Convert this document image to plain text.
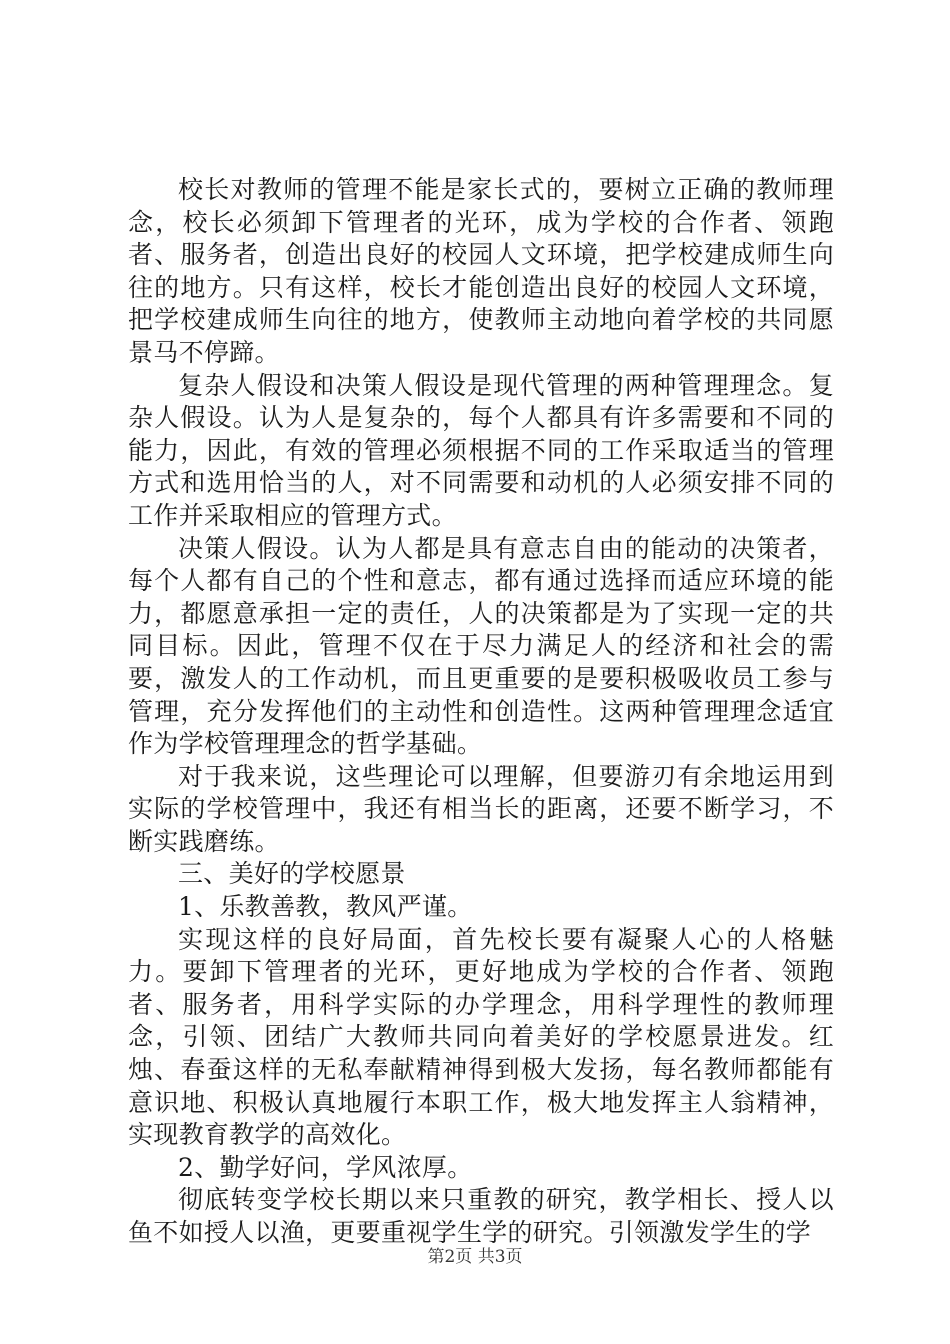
校长对教师的管理不能是家长式的，要树立正确的教师理念，校长必须卸下管理者的光环，成为学校的合作者、领跑者、服务者，创造出良好的校园人文环境，把学校建成师生向往的地方。只有这样，校长才能创造出良好的校园人文环境，把学校建成师生向往的地方，使教师主动地向着学校的共同愿景马不停蹄。

复杂人假设和决策人假设是现代管理的两种管理理念。复杂人假设。认为人是复杂的，每个人都具有许多需要和不同的能力，因此，有效的管理必须根据不同的工作采取适当的管理方式和选用恰当的人，对不同需要和动机的人必须安排不同的工作并采取相应的管理方式。

决策人假设。认为人都是具有意志自由的能动的决策者，每个人都有自己的个性和意志，都有通过选择而适应环境的能力，都愿意承担一定的责任，人的决策都是为了实现一定的共同目标。因此，管理不仅在于尽力满足人的经济和社会的需要，激发人的工作动机，而且更重要的是要积极吸收员工参与管理，充分发挥他们的主动性和创造性。这两种管理理念适宜作为学校管理理念的哲学基础。

对于我来说，这些理论可以理解，但要游刃有余地运用到实际的学校管理中，我还有相当长的距离，还要不断学习，不断实践磨练。

三、美好的学校愿景

1、乐教善教，教风严谨。

实现这样的良好局面，首先校长要有凝聚人心的人格魅力。要卸下管理者的光环，更好地成为学校的合作者、领跑者、服务者，用科学实际的办学理念，用科学理性的教师理念，引领、团结广大教师共同向着美好的学校愿景进发。红烛、春蚕这样的无私奉献精神得到极大发扬，每名教师都能有意识地、积极认真地履行本职工作，极大地发挥主人翁精神，实现教育教学的高效化。

2、勤学好问，学风浓厚。

彻底转变学校长期以来只重教的研究，教学相长、授人以鱼不如授人以渔，更要重视学生学的研究。引领激发学生的学

第2页 共3页
